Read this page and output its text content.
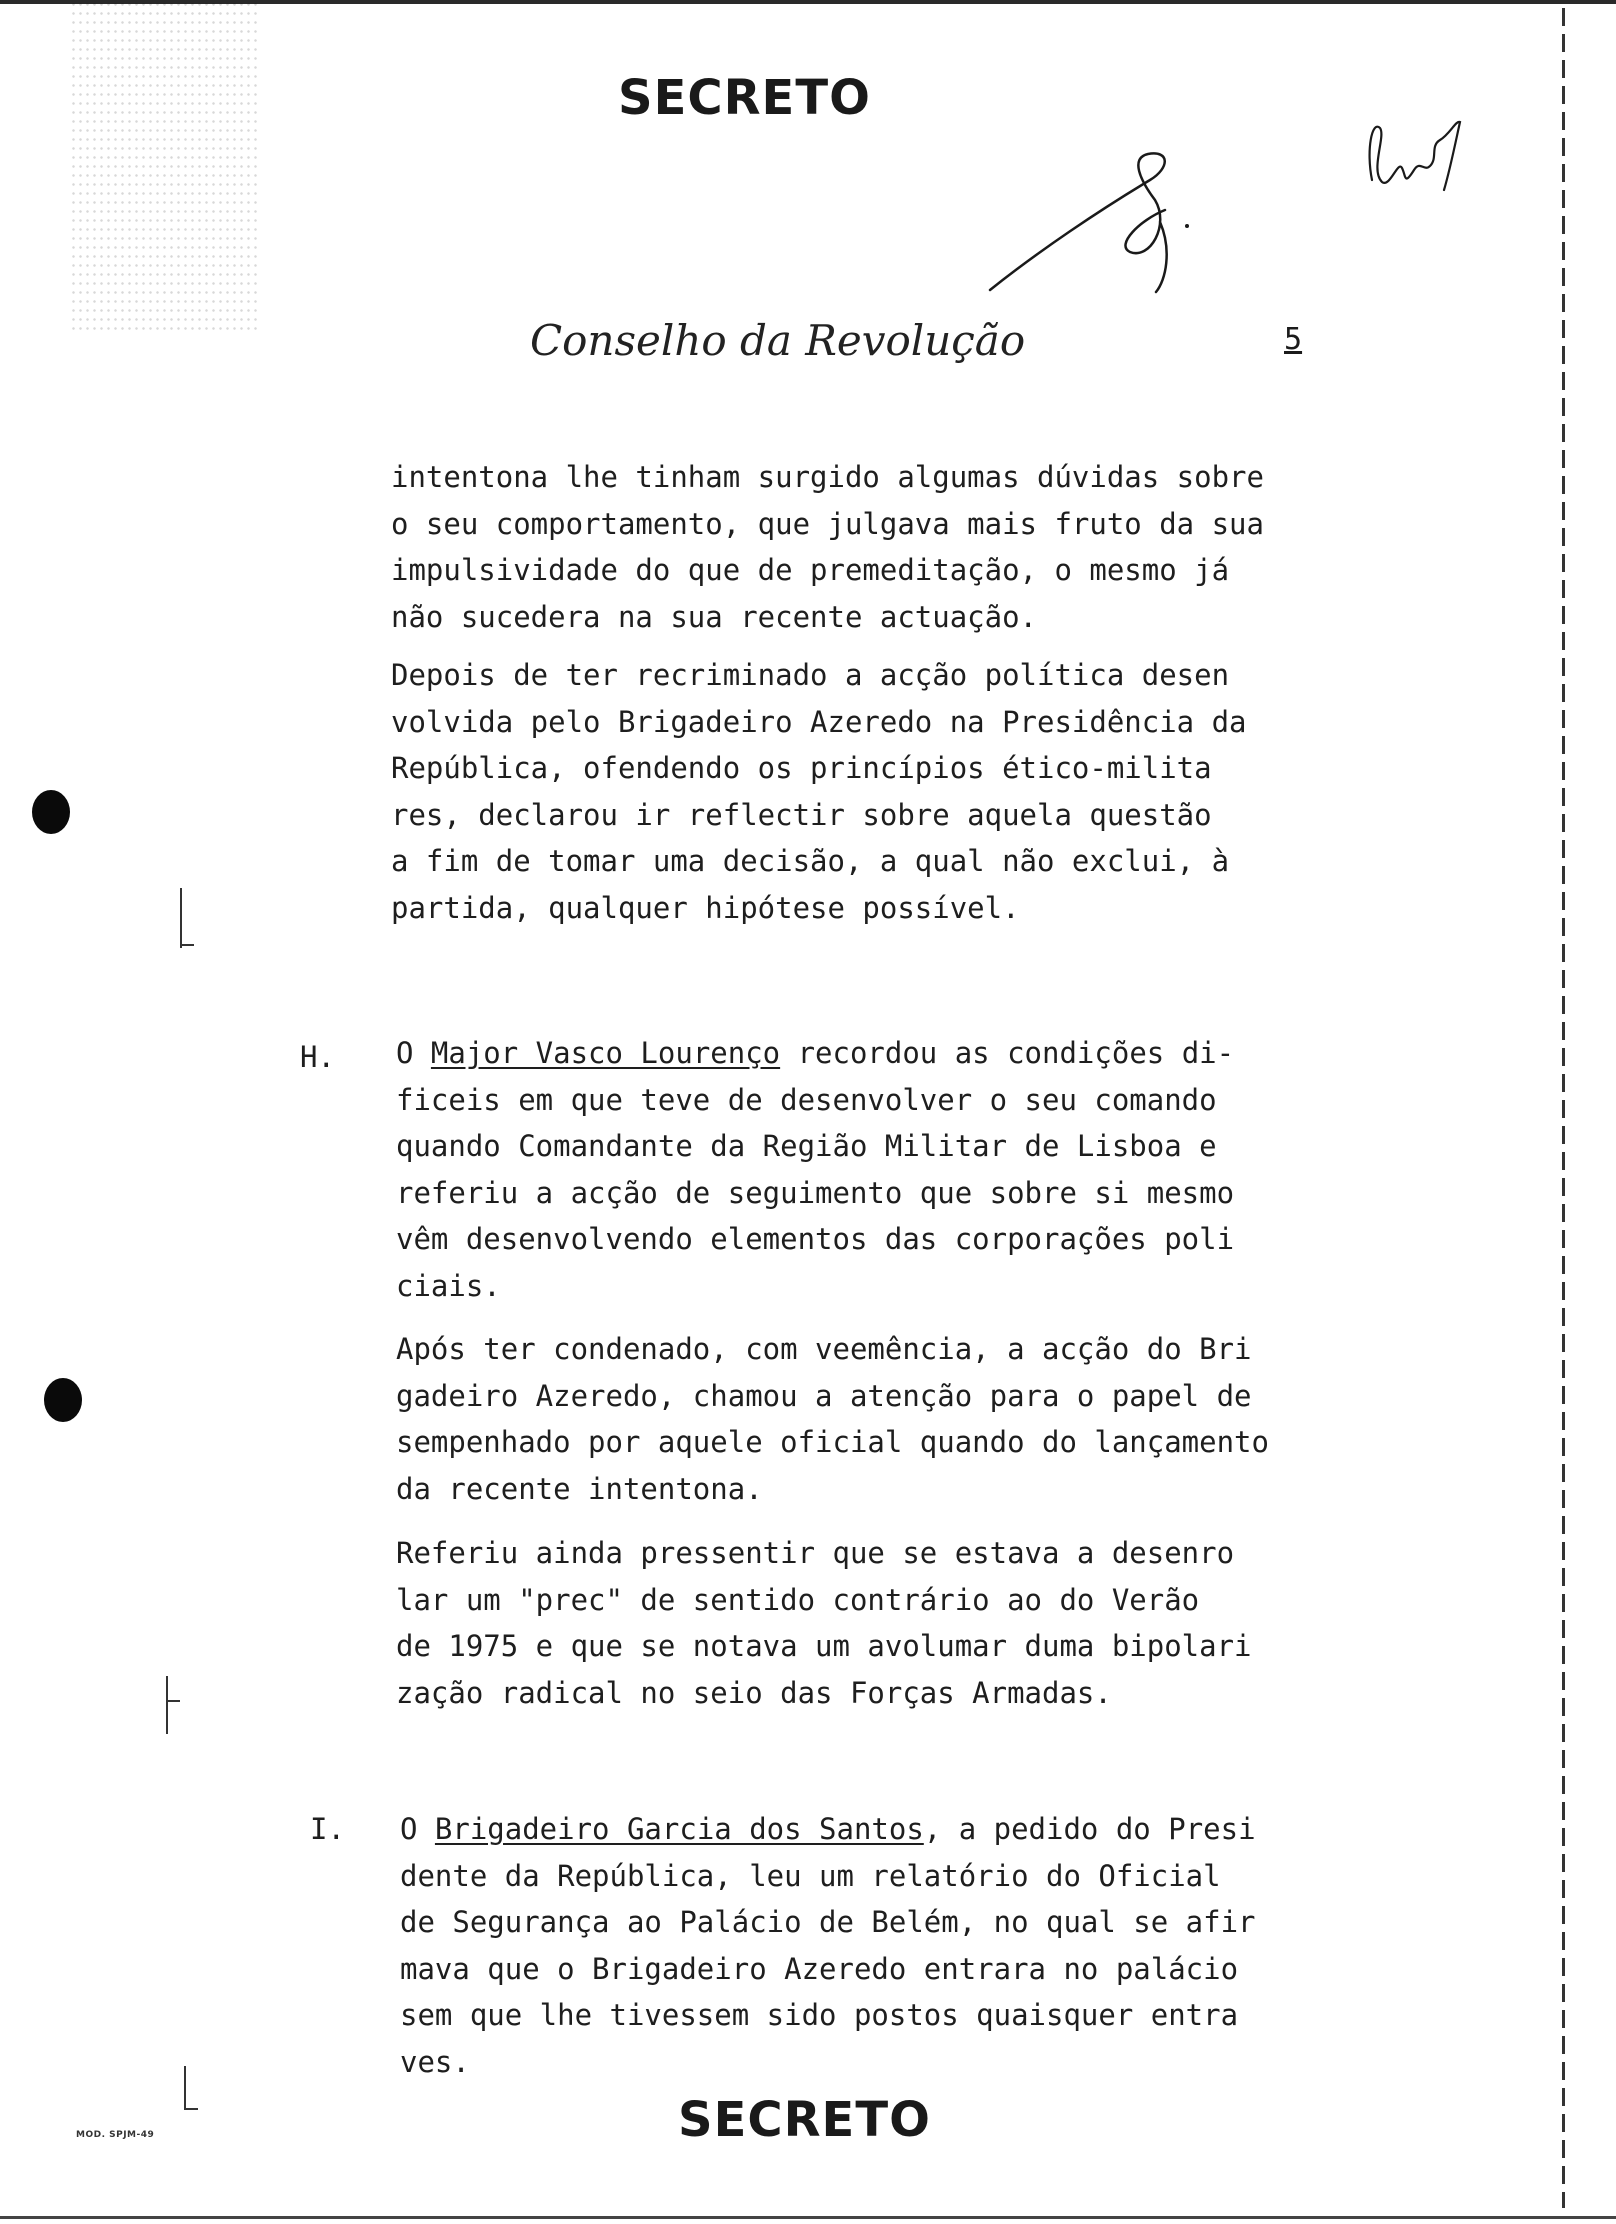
SECRETO
Conselho da Revolução	5

intentona lhe tinham surgido algumas dúvidas sobre

o seu comportamento, que julgava mais fruto da sua

impulsividade do que de premeditação, o mesmo já

não sucedera na sua recente actuação.

Depois de ter recriminado a acção política desen

volvida pelo Brigadeiro Azeredo na Presidência da

República, ofendendo os princípios ético-milita

res, declarou ir reflectir sobre aquela questão

a fim de tomar uma decisão, a qual não exclui, à

partida, qualquer hipótese possível.

H. O Major Vasco Lourenço recordou as condições di-

ficeis em que teve de desenvolver o seu comando

quando Comandante da Região Militar de Lisboa e

referiu a acção de seguimento que sobre si mesmo

vêm desenvolvendo elementos das corporações poli

ciais.

Após ter condenado, com veemência, a acção do Bri

gadeiro Azeredo, chamou a atenção para o papel de

sempenhado por aquele oficial quando do lançamento

da recente intentona.

Referiu ainda pressentir que se estava a desenro

lar um "prec" de sentido contrário ao do Verão

de 1975 e que se notava um avolumar duma bipolari

zação radical no seio das Forças Armadas.

I. O Brigadeiro Garcia dos Santos, a pedido do Presi

dente da República, leu um relatório do Oficial

de Segurança ao Palácio de Belém, no qual se afir

mava que o Brigadeiro Azeredo entrara no palácio

sem que lhe tivessem sido postos quaisquer entra

ves.

SECRETO
MOD. SPJM-49
